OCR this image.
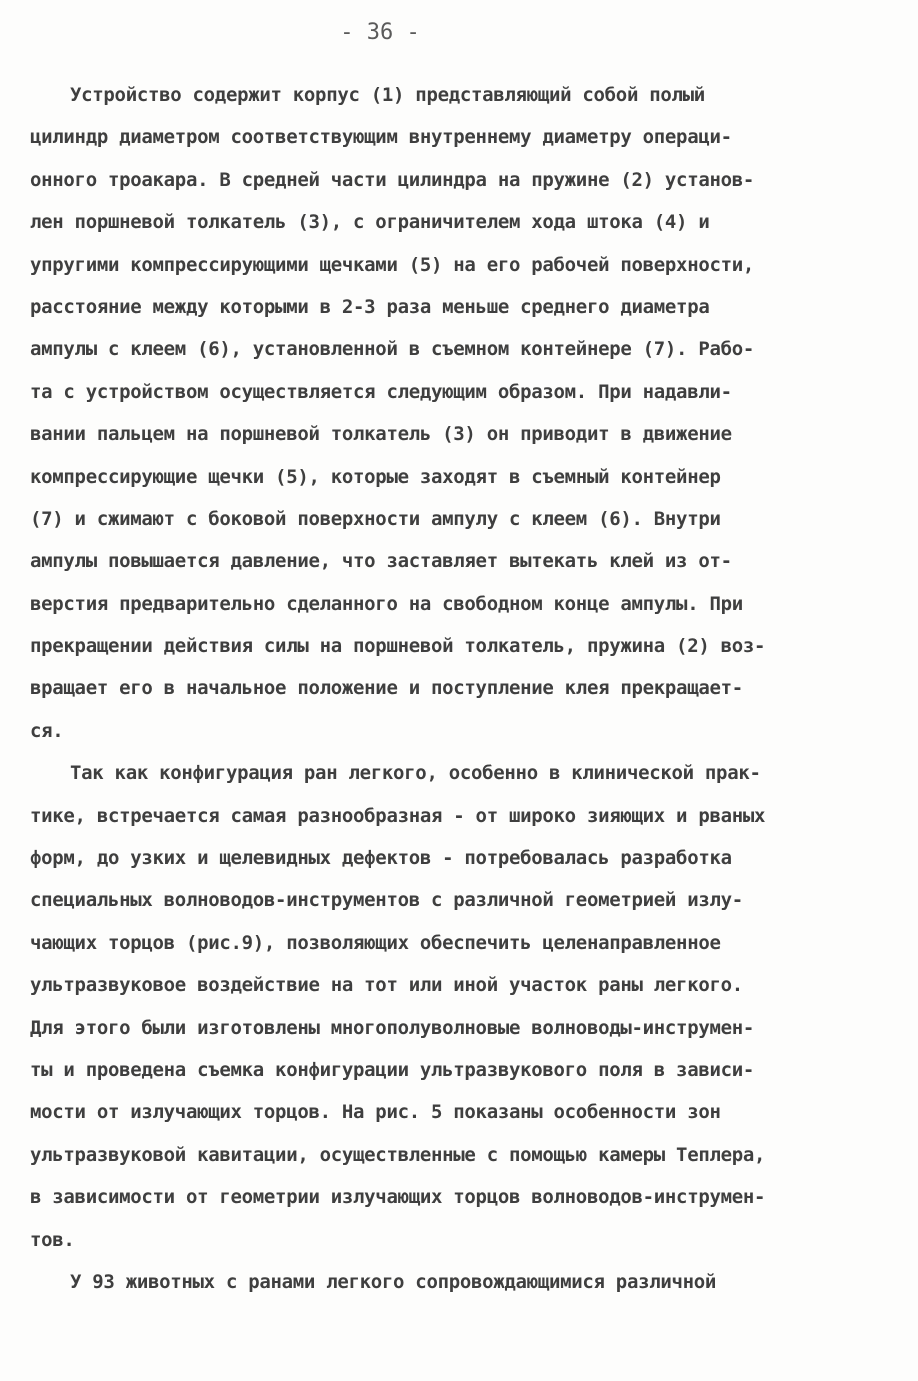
- 36 -
Устройство содержит корпус (1) представляющий собой полый
цилиндр диаметром соответствующим внутреннему диаметру операци-
онного троакара. В средней части цилиндра на пружине (2) установ-
лен поршневой толкатель (3), с ограничителем хода штока (4) и
упругими компрессирующими щечками (5) на его рабочей поверхности,
расстояние между которыми в 2-3 раза меньше среднего диаметра
ампулы с клеем (6), установленной в съемном контейнере (7). Рабо-
та с устройством осуществляется следующим образом. При надавли-
вании пальцем на поршневой толкатель (3) он приводит в движение
компрессирующие щечки (5), которые заходят в съемный контейнер
(7) и сжимают с боковой поверхности ампулу с клеем (6). Внутри
ампулы повышается давление, что заставляет вытекать клей из от-
верстия предварительно сделанного на свободном конце ампулы. При
прекращении действия силы на поршневой толкатель, пружина (2) воз-
вращает его в начальное положение и поступление клея прекращает-
ся.
Так как конфигурация ран легкого, особенно в клинической прак-
тике, встречается самая разнообразная - от широко зияющих и рваных
форм, до узких и щелевидных дефектов - потребовалась разработка
специальных волноводов-инструментов с различной геометрией излу-
чающих торцов (рис.9), позволяющих обеспечить целенаправленное
ультразвуковое воздействие на тот или иной участок раны легкого.
Для этого были изготовлены многополуволновые волноводы-инструмен-
ты и проведена съемка конфигурации ультразвукового поля в зависи-
мости от излучающих торцов. На рис. 5 показаны особенности зон
ультразвуковой кавитации, осуществленные с помощью камеры Теплера,
в зависимости от геометрии излучающих торцов волноводов-инструмен-
тов.
У 93 животных с ранами легкого сопровождающимися различной
